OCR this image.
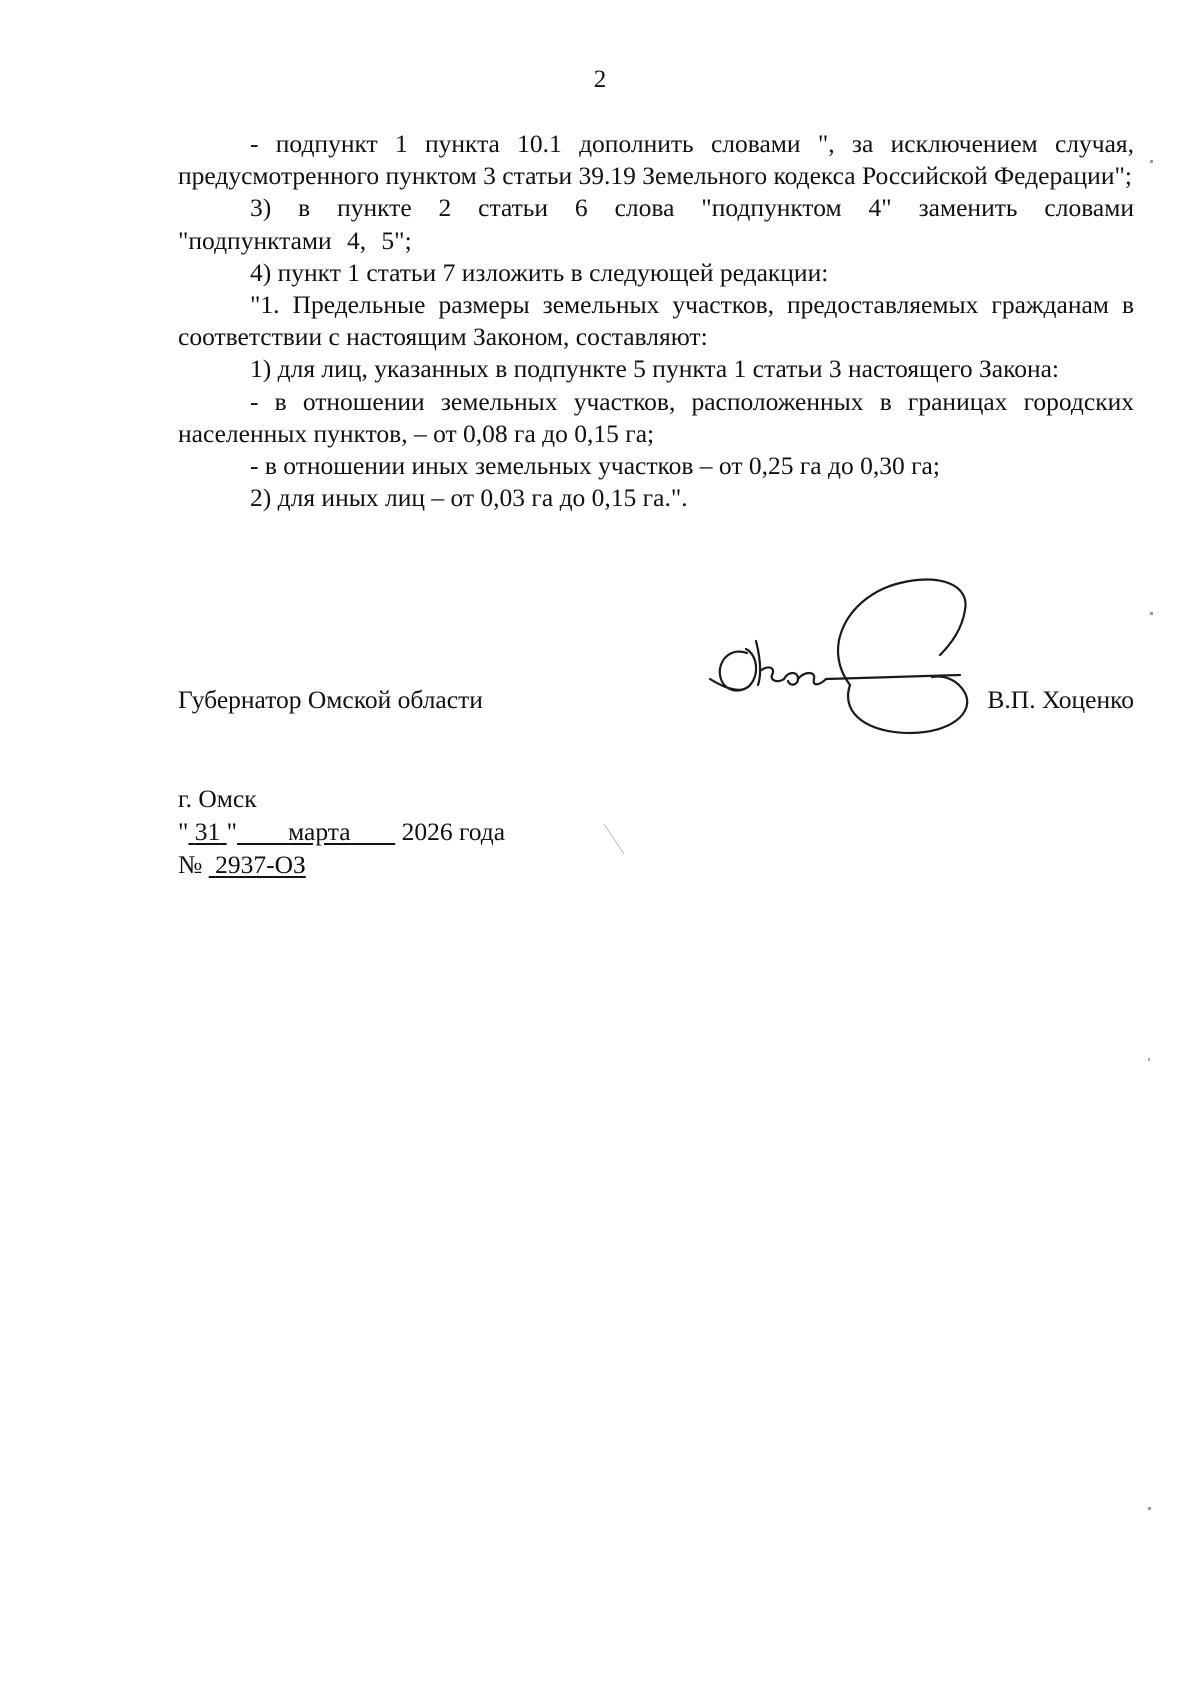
2

- подпункт 1 пункта 10.1 дополнить словами ", за исключением случая, предусмотренного пунктом 3 статьи 39.19 Земельного кодекса Российской Федерации";

3) в пункте 2 статьи 6 слова "подпунктом 4" заменить словами "подпунктами 4, 5";

4) пункт 1 статьи 7 изложить в следующей редакции:

"1. Предельные размеры земельных участков, предоставляемых гражданам в соответствии с настоящим Законом, составляют:

1) для лиц, указанных в подпункте 5 пункта 1 статьи 3 настоящего Закона:

- в отношении земельных участков, расположенных в границах городских населенных пунктов, – от 0,08 га до 0,15 га;

- в отношении иных земельных участков – от 0,25 га до 0,30 га;

2) для иных лиц – от 0,03 га до 0,15 га.".

Губернатор Омской области	В.П. Хоценко
г. Омск
" 31 " марта 2026 года
№ 2937-ОЗ
